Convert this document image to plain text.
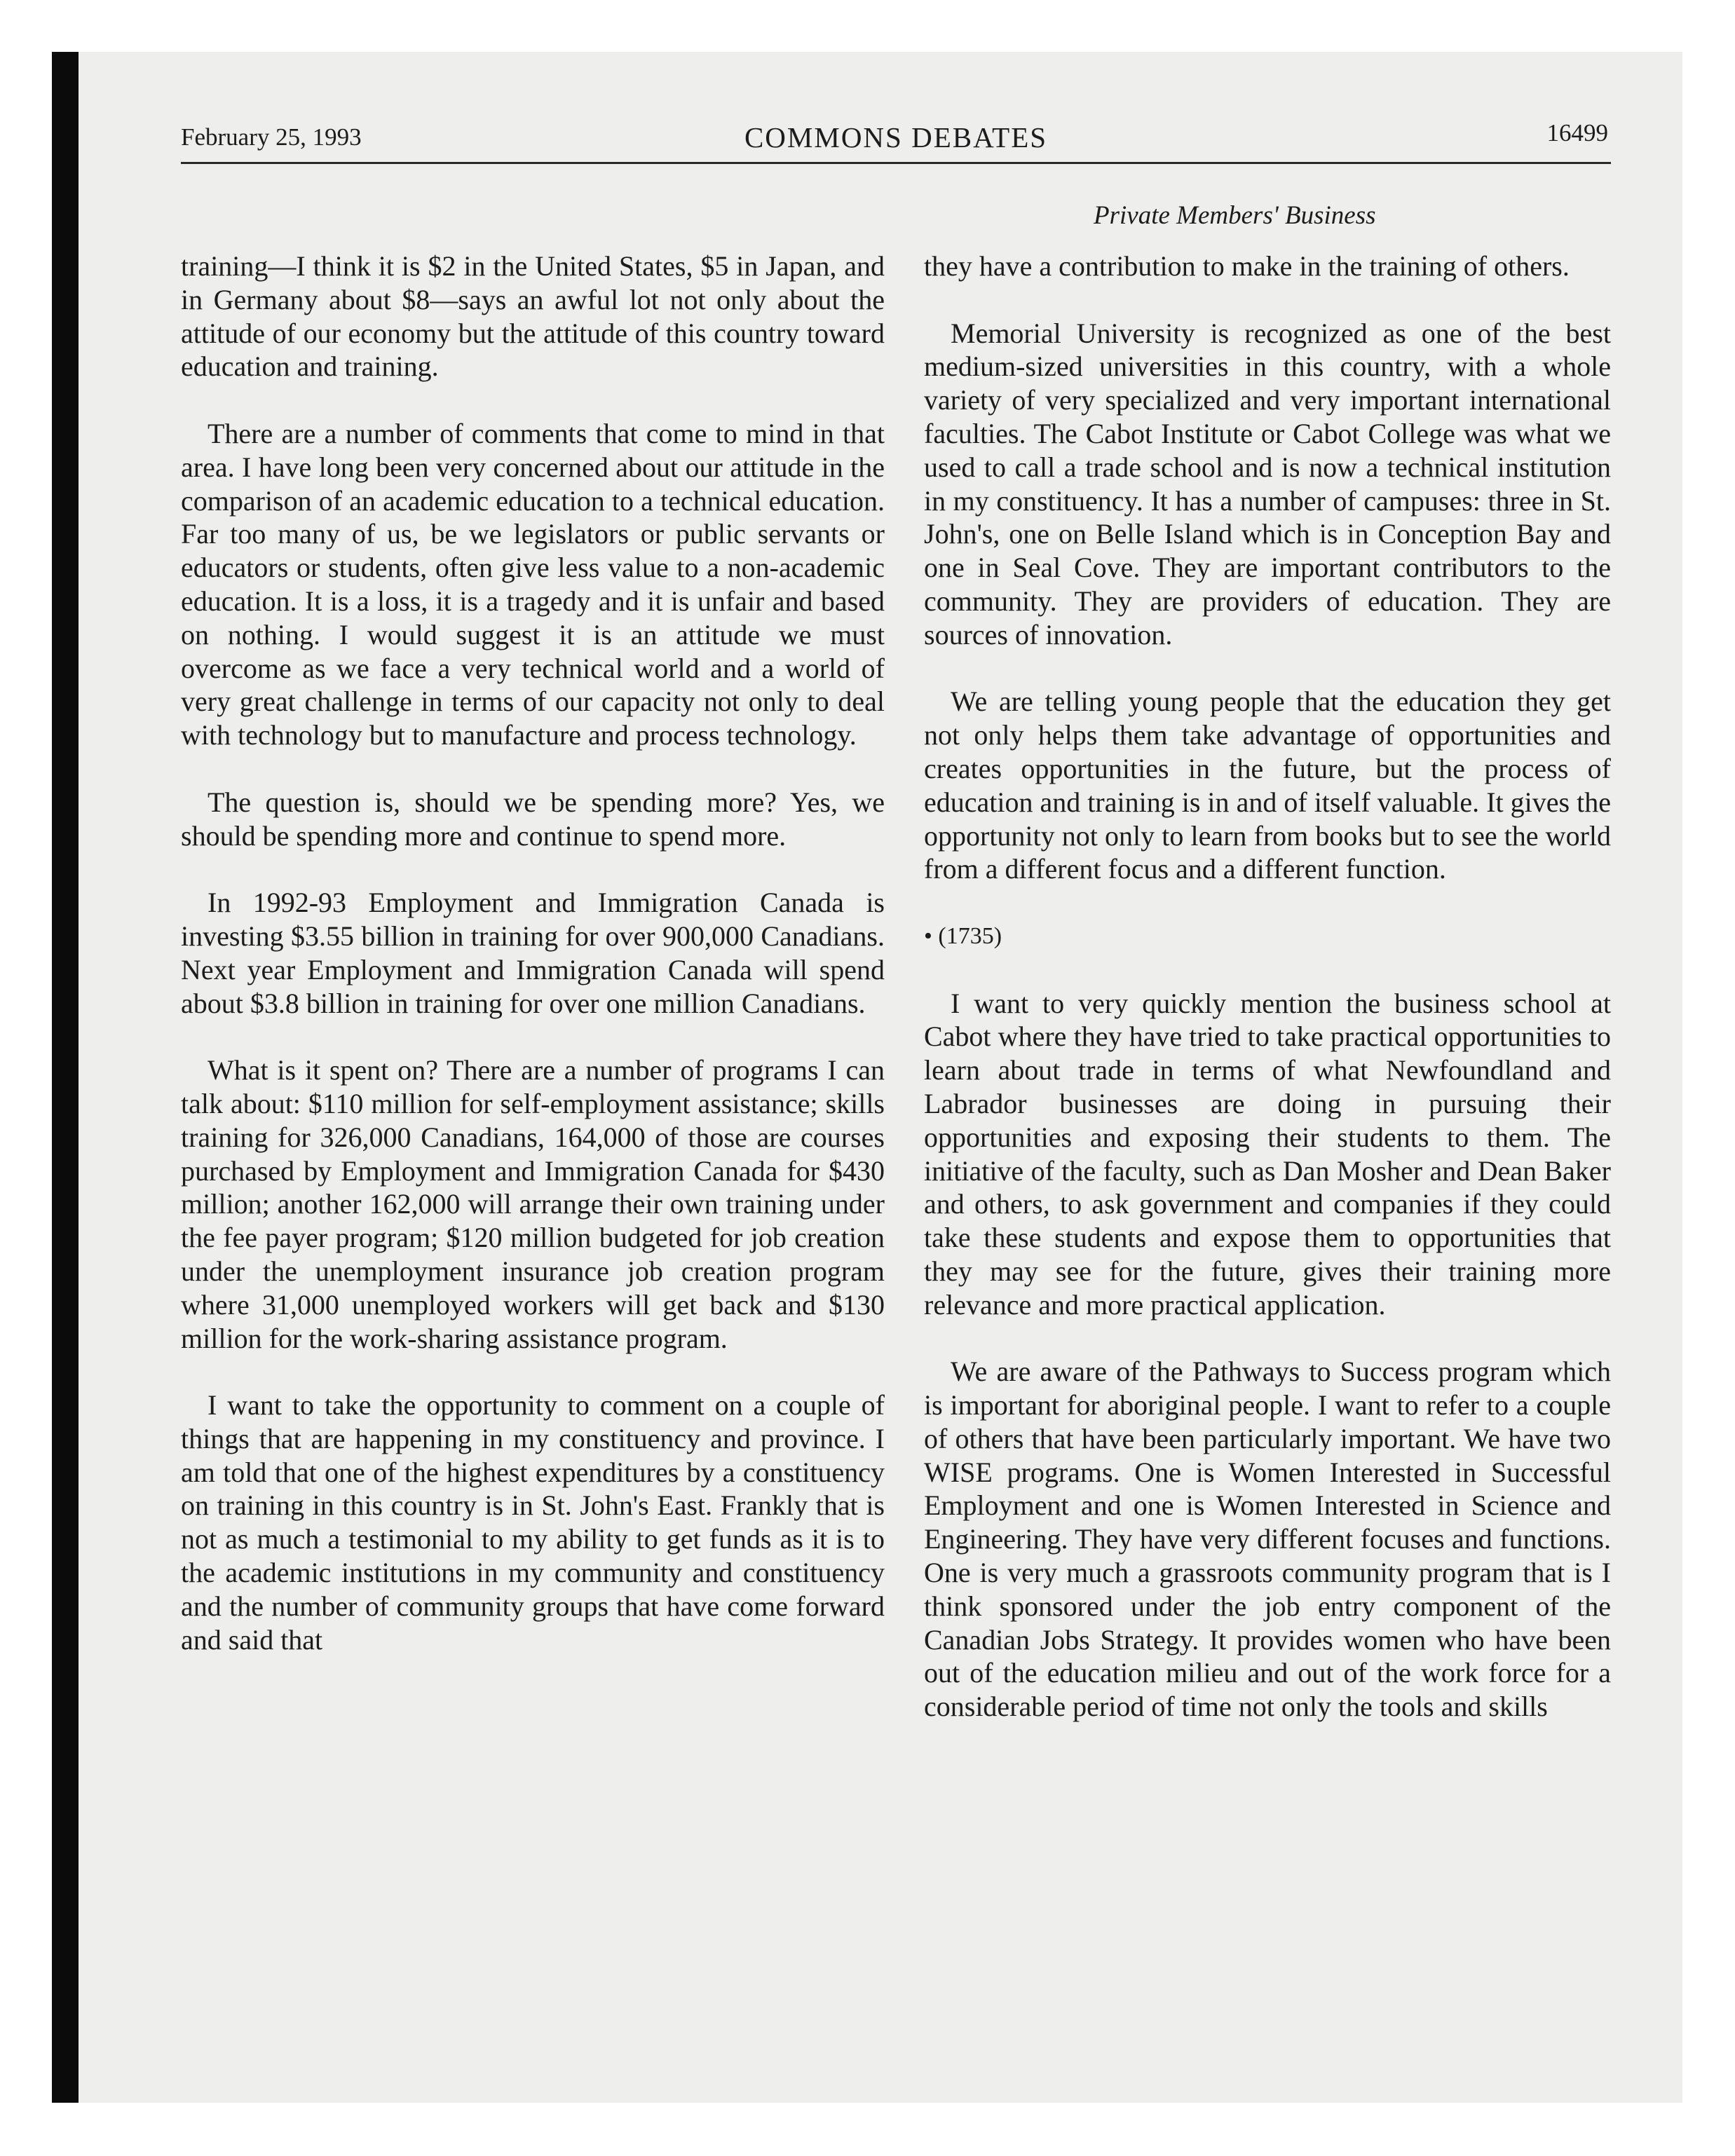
February 25, 1993	COMMONS DEBATES	16499
Private Members' Business

training—I think it is $2 in the United States, $5 in Japan, and in Germany about $8—says an awful lot not only about the attitude of our economy but the attitude of this country toward education and training.

There are a number of comments that come to mind in that area. I have long been very concerned about our attitude in the comparison of an academic education to a technical education. Far too many of us, be we legislators or public servants or educators or students, often give less value to a non-academic education. It is a loss, it is a tragedy and it is unfair and based on nothing. I would suggest it is an attitude we must overcome as we face a very technical world and a world of very great challenge in terms of our capacity not only to deal with technology but to manufacture and process technology.

The question is, should we be spending more? Yes, we should be spending more and continue to spend more.

In 1992-93 Employment and Immigration Canada is investing $3.55 billion in training for over 900,000 Canadians. Next year Employment and Immigration Canada will spend about $3.8 billion in training for over one million Canadians.

What is it spent on? There are a number of programs I can talk about: $110 million for self-employment assistance; skills training for 326,000 Canadians, 164,000 of those are courses purchased by Employment and Immigration Canada for $430 million; another 162,000 will arrange their own training under the fee payer program; $120 million budgeted for job creation under the unemployment insurance job creation program where 31,000 unemployed workers will get back and $130 million for the work-sharing assistance program.

I want to take the opportunity to comment on a couple of things that are happening in my constituency and province. I am told that one of the highest expenditures by a constituency on training in this country is in St. John's East. Frankly that is not as much a testimonial to my ability to get funds as it is to the academic institutions in my community and constituency and the number of community groups that have come forward and said that

they have a contribution to make in the training of others.

Memorial University is recognized as one of the best medium-sized universities in this country, with a whole variety of very specialized and very important international faculties. The Cabot Institute or Cabot College was what we used to call a trade school and is now a technical institution in my constituency. It has a number of campuses: three in St. John's, one on Belle Island which is in Conception Bay and one in Seal Cove. They are important contributors to the community. They are providers of education. They are sources of innovation.

We are telling young people that the education they get not only helps them take advantage of opportunities and creates opportunities in the future, but the process of education and training is in and of itself valuable. It gives the opportunity not only to learn from books but to see the world from a different focus and a different function.

• (1735)

I want to very quickly mention the business school at Cabot where they have tried to take practical opportunities to learn about trade in terms of what Newfoundland and Labrador businesses are doing in pursuing their opportunities and exposing their students to them. The initiative of the faculty, such as Dan Mosher and Dean Baker and others, to ask government and companies if they could take these students and expose them to opportunities that they may see for the future, gives their training more relevance and more practical application.

We are aware of the Pathways to Success program which is important for aboriginal people. I want to refer to a couple of others that have been particularly important. We have two WISE programs. One is Women Interested in Successful Employment and one is Women Interested in Science and Engineering. They have very different focuses and functions. One is very much a grassroots community program that is I think sponsored under the job entry component of the Canadian Jobs Strategy. It provides women who have been out of the education milieu and out of the work force for a considerable period of time not only the tools and skills
